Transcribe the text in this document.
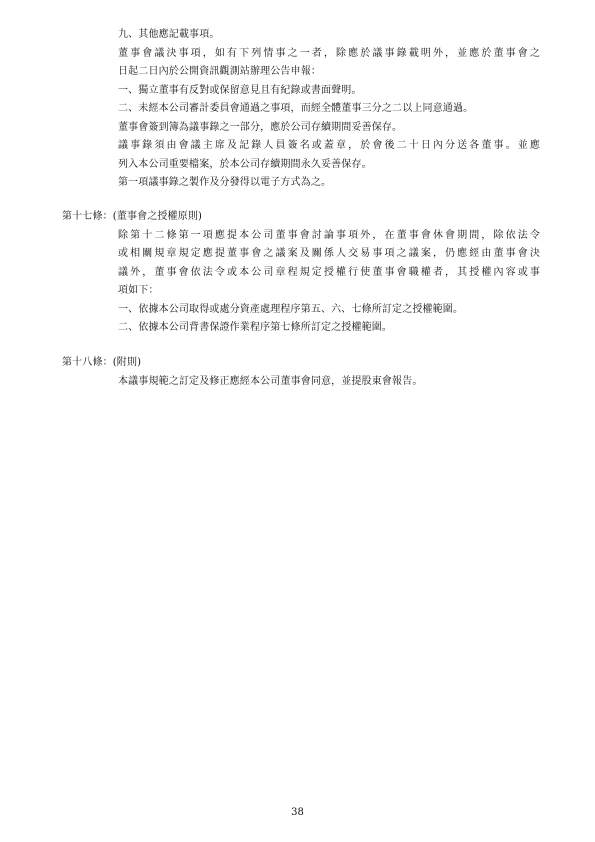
九、其他應記載事項。
董事會議決事項，如有下列情事之一者，除應於議事錄載明外，並應於董事會之
日起二日內於公開資訊觀測站辦理公告申報：
一、獨立董事有反對或保留意見且有紀錄或書面聲明。
二、未經本公司審計委員會通過之事項，而經全體董事三分之二以上同意通過。
董事會簽到簿為議事錄之一部分，應於公司存續期間妥善保存。
議事錄須由會議主席及記錄人員簽名或蓋章，於會後二十日內分送各董事。並應
列入本公司重要檔案，於本公司存續期間永久妥善保存。
第一項議事錄之製作及分發得以電子方式為之。
第十七條：(董事會之授權原則)
除第十二條第一項應提本公司董事會討論事項外，在董事會休會期間，除依法令
或相關規章規定應提董事會之議案及關係人交易事項之議案，仍應經由董事會決
議外，董事會依法令或本公司章程規定授權行使董事會職權者，其授權內容或事
項如下：
一、依據本公司取得或處分資產處理程序第五、六、七條所訂定之授權範圍。
二、依據本公司背書保證作業程序第七條所訂定之授權範圍。
第十八條：(附則)
本議事規範之訂定及修正應經本公司董事會同意，並提股東會報告。
38
